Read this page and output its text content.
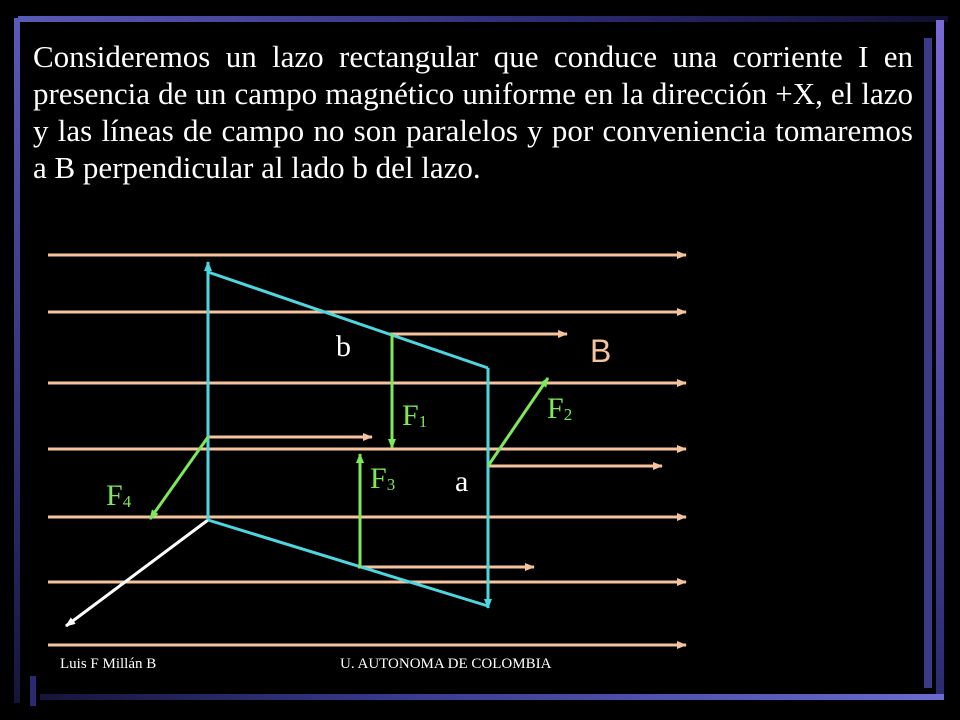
Consideremos un lazo rectangular que conduce una corriente I en presencia de un campo magnético uniforme en la dirección +X, el lazo y las líneas de campo no son paralelos y por conveniencia tomaremos a B perpendicular al lado b del lazo.

b
a
B
F1	F2
F3
F4
Luis F Millán B	U. AUTONOMA DE COLOMBIA
